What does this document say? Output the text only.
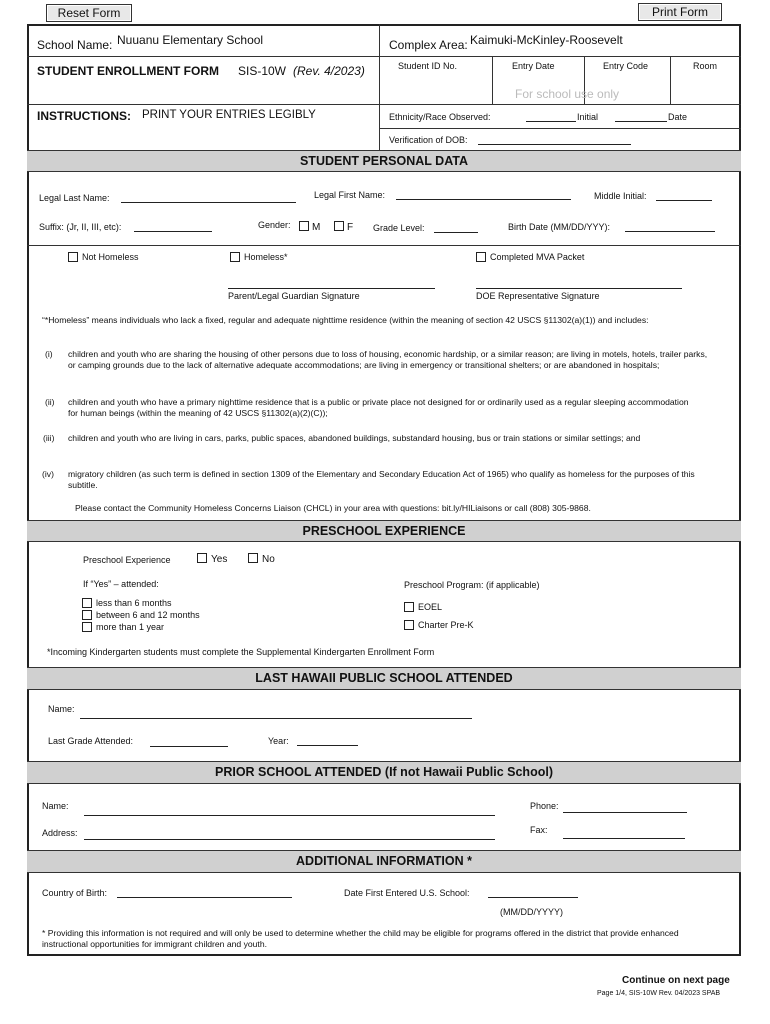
Reset Form	Print Form
School Name: Nuuanu Elementary School	Complex Area: Kaimuki-McKinley-Roosevelt
STUDENT ENROLLMENT FORM SIS-10W (Rev. 4/2023)	Student ID No.	Entry Date	Entry Code	Room
For school use only
INSTRUCTIONS: PRINT YOUR ENTRIES LEGIBLY	Ethnicity/Race Observed:	Initial	Date
Verification of DOB:
STUDENT PERSONAL DATA
Legal Last Name:	Legal First Name:	Middle Initial:
Suffix: (Jr, II, III, etc):	Gender: M	F Grade Level:	Birth Date (MM/DD/YYY):
Not Homeless	Homeless*	Completed MVA Packet
Parent/Legal Guardian Signature	DOE Representative Signature
“*Homeless” means individuals who lack a fixed, regular and adequate nighttime residence (within the meaning of section 42 USCS §11302(a)(1)) and includes:
(i) children and youth who are sharing the housing of other persons due to loss of housing, economic hardship, or a similar reason; are living in motels, hotels, trailer parks, or camping grounds due to the lack of alternative adequate accommodations; are living in emergency or transitional shelters; or are abandoned in hospitals;
(ii) children and youth who have a primary nighttime residence that is a public or private place not designed for or ordinarily used as a regular sleeping accommodation for human beings (within the meaning of 42 USCS §11302(a)(2)(C));
(iii) children and youth who are living in cars, parks, public spaces, abandoned buildings, substandard housing, bus or train stations or similar settings; and
(iv) migratory children (as such term is defined in section 1309 of the Elementary and Secondary Education Act of 1965) who qualify as homeless for the purposes of this subtitle.
Please contact the Community Homeless Concerns Liaison (CHCL) in your area with questions: bit.ly/HILiaisons or call (808) 305-9868.
PRESCHOOL EXPERIENCE
Preschool Experience	Yes	No
If “Yes” – attended:
less than 6 months
between 6 and 12 months
more than 1 year
Preschool Program: (if applicable)
EOEL
Charter Pre-K
*Incoming Kindergarten students must complete the Supplemental Kindergarten Enrollment Form
LAST HAWAII PUBLIC SCHOOL ATTENDED
Name:
Last Grade Attended:	Year:
PRIOR SCHOOL ATTENDED (If not Hawaii Public School)
Name:	Phone:
Address:	Fax:
ADDITIONAL INFORMATION *
Country of Birth:	Date First Entered U.S. School:
(MM/DD/YYYY)
* Providing this information is not required and will only be used to determine whether the child may be eligible for programs offered in the district that provide enhanced instructional opportunities for immigrant children and youth.
Continue on next page
Page 1/4, SIS-10W Rev. 04/2023 SPAB
